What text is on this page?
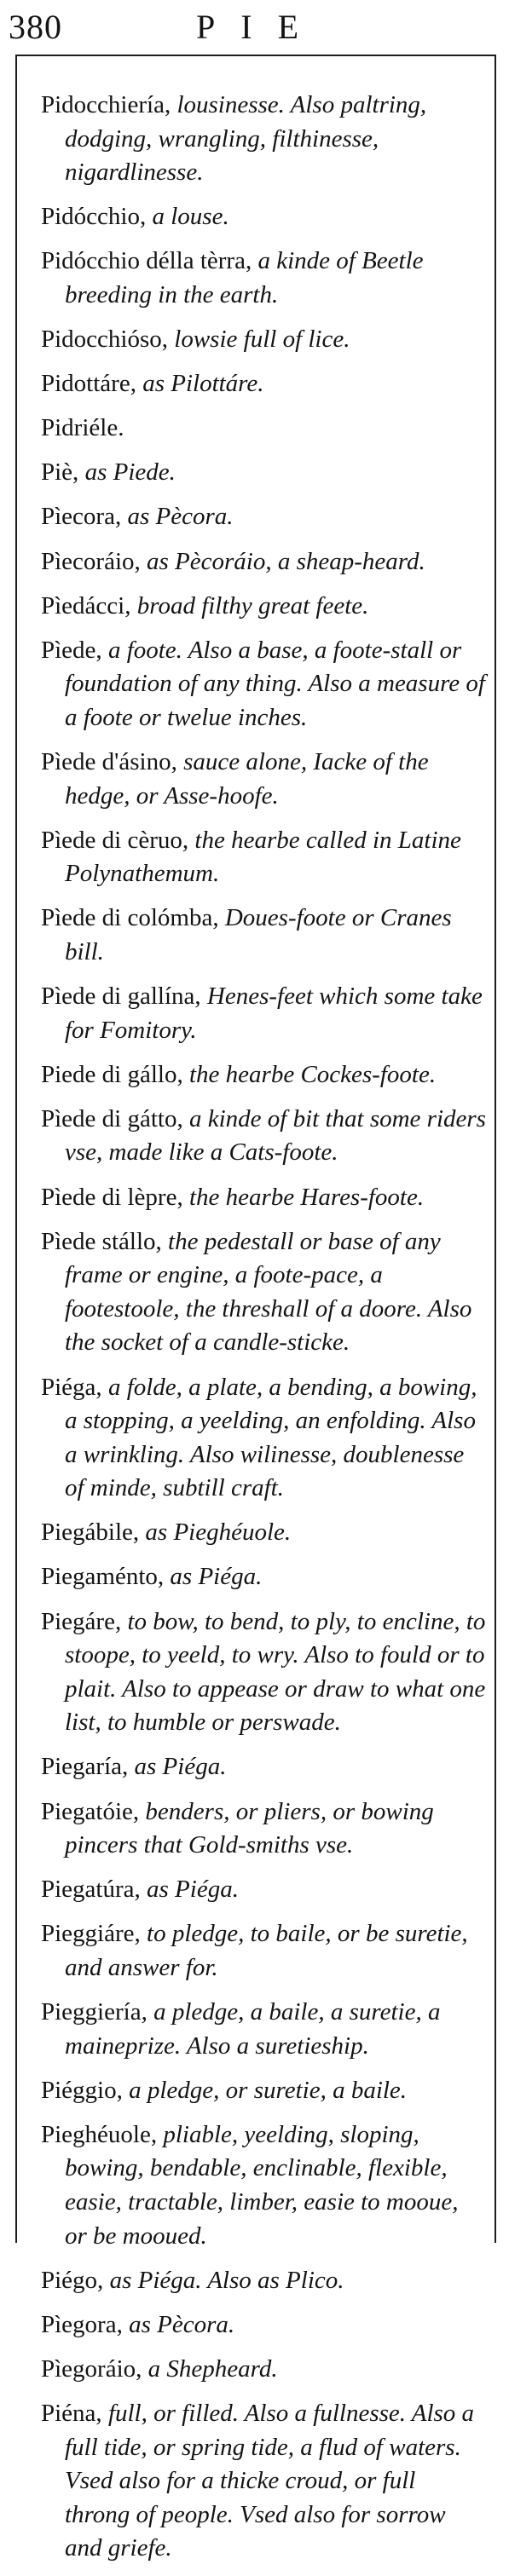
380	PIE

Pidocchiería, lousinesse. Also paltring, dodging, wrangling, filthinesse, nigardlinesse.

Pidócchio, a louse.

Pidócchio délla tèrra, a kinde of Beetle breeding in the earth.

Pidocchióso, lowsie full of lice.

Pidottáre, as Pilottáre.

Pidriéle.

Piè, as Piede.

Pìecora, as Pècora.

Pìecoráio, as Pècoráio, a sheap-heard.

Pìedácci, broad filthy great feete.

Pìede, a foote. Also a base, a foote-stall or foundation of any thing. Also a measure of a foote or twelue inches.

Pìede d'ásino, sauce alone, Iacke of the hedge, or Asse-hoofe.

Pìede di cèruo, the hearbe called in Latine Polynathemum.

Pìede di colómba, Doues-foote or Cranes bill.

Pìede di gallína, Henes-feet which some take for Fomitory.

Piede di gállo, the hearbe Cockes-foote.

Pìede di gátto, a kinde of bit that some riders vse, made like a Cats-foote.

Pìede di lèpre, the hearbe Hares-foote.

Pìede stállo, the pedestall or base of any frame or engine, a foote-pace, a footestoole, the threshall of a doore. Also the socket of a candle-sticke.

Piéga, a folde, a plate, a bending, a bowing, a stopping, a yeelding, an enfolding. Also a wrinkling. Also wilinesse, doublenesse of minde, subtill craft.

Piegábile, as Pieghéuole.

Piegaménto, as Piéga.

Piegáre, to bow, to bend, to ply, to encline, to stoope, to yeeld, to wry. Also to fould or to plait. Also to appease or draw to what one list, to humble or perswade.

Piegaría, as Piéga.

Piegatóie, benders, or pliers, or bowing pincers that Gold-smiths vse.

Piegatúra, as Piéga.

Pieggiáre, to pledge, to baile, or be suretie, and answer for.

Pieggiería, a pledge, a baile, a suretie, a maineprize. Also a suretieship.

Piéggio, a pledge, or suretie, a baile.

Pieghéuole, pliable, yeelding, sloping, bowing, bendable, enclinable, flexible, easie, tractable, limber, easie to mooue, or be mooued.

Piégo, as Piéga. Also as Plico.

Pìegora, as Pècora.

Pìegoráio, a Shepheard.

Piéna, full, or filled. Also a fullnesse. Also a full tide, or spring tide, a flud of waters. Vsed also for a thicke croud, or full throng of people. Vsed also for sorrow and griefe.
